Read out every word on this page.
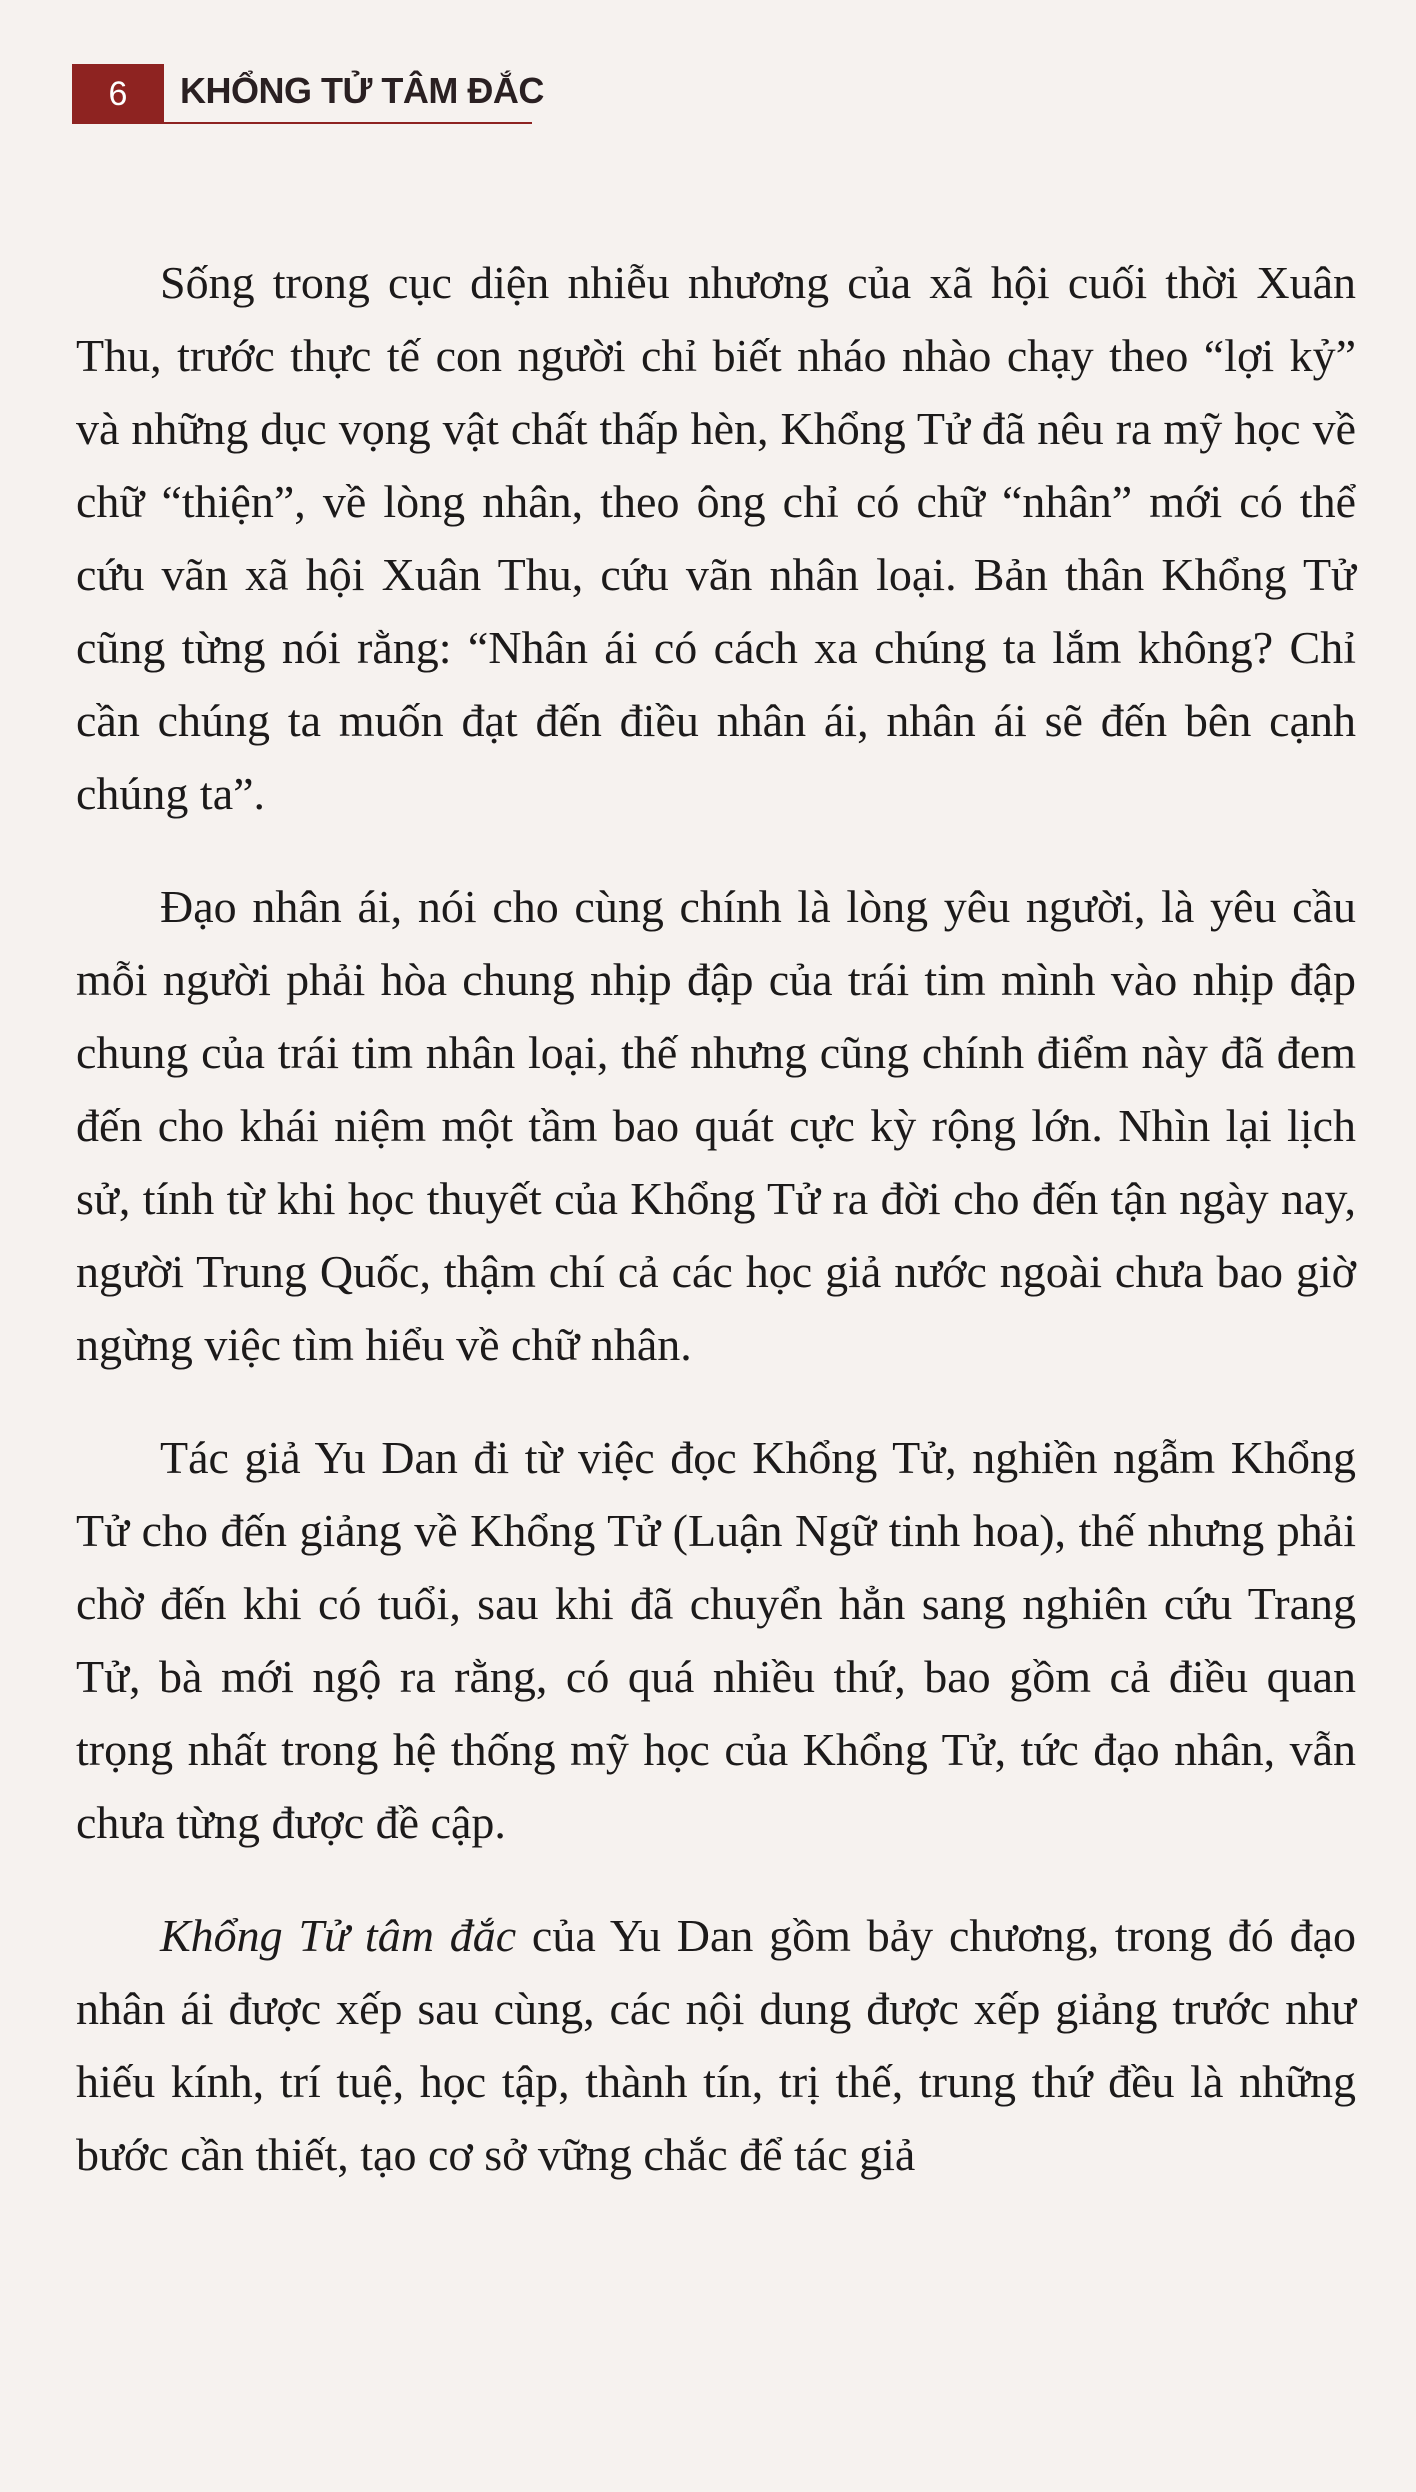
6	KHỔNG TỬ TÂM ĐẮC

Sống trong cục diện nhiễu nhương của xã hội cuối thời Xuân Thu, trước thực tế con người chỉ biết nháo nhào chạy theo “lợi kỷ” và những dục vọng vật chất thấp hèn, Khổng Tử đã nêu ra mỹ học về chữ “thiện”, về lòng nhân, theo ông chỉ có chữ “nhân” mới có thể cứu vãn xã hội Xuân Thu, cứu vãn nhân loại. Bản thân Khổng Tử cũng từng nói rằng: “Nhân ái có cách xa chúng ta lắm không? Chỉ cần chúng ta muốn đạt đến điều nhân ái, nhân ái sẽ đến bên cạnh chúng ta”.

Đạo nhân ái, nói cho cùng chính là lòng yêu người, là yêu cầu mỗi người phải hòa chung nhịp đập của trái tim mình vào nhịp đập chung của trái tim nhân loại, thế nhưng cũng chính điểm này đã đem đến cho khái niệm một tầm bao quát cực kỳ rộng lớn. Nhìn lại lịch sử, tính từ khi học thuyết của Khổng Tử ra đời cho đến tận ngày nay, người Trung Quốc, thậm chí cả các học giả nước ngoài chưa bao giờ ngừng việc tìm hiểu về chữ nhân.

Tác giả Yu Dan đi từ việc đọc Khổng Tử, nghiền ngẫm Khổng Tử cho đến giảng về Khổng Tử (Luận Ngữ tinh hoa), thế nhưng phải chờ đến khi có tuổi, sau khi đã chuyển hẳn sang nghiên cứu Trang Tử, bà mới ngộ ra rằng, có quá nhiều thứ, bao gồm cả điều quan trọng nhất trong hệ thống mỹ học của Khổng Tử, tức đạo nhân, vẫn chưa từng được đề cập.

Khổng Tử tâm đắc của Yu Dan gồm bảy chương, trong đó đạo nhân ái được xếp sau cùng, các nội dung được xếp giảng trước như hiếu kính, trí tuệ, học tập, thành tín, trị thế, trung thứ đều là những bước cần thiết, tạo cơ sở vững chắc để tác giả
